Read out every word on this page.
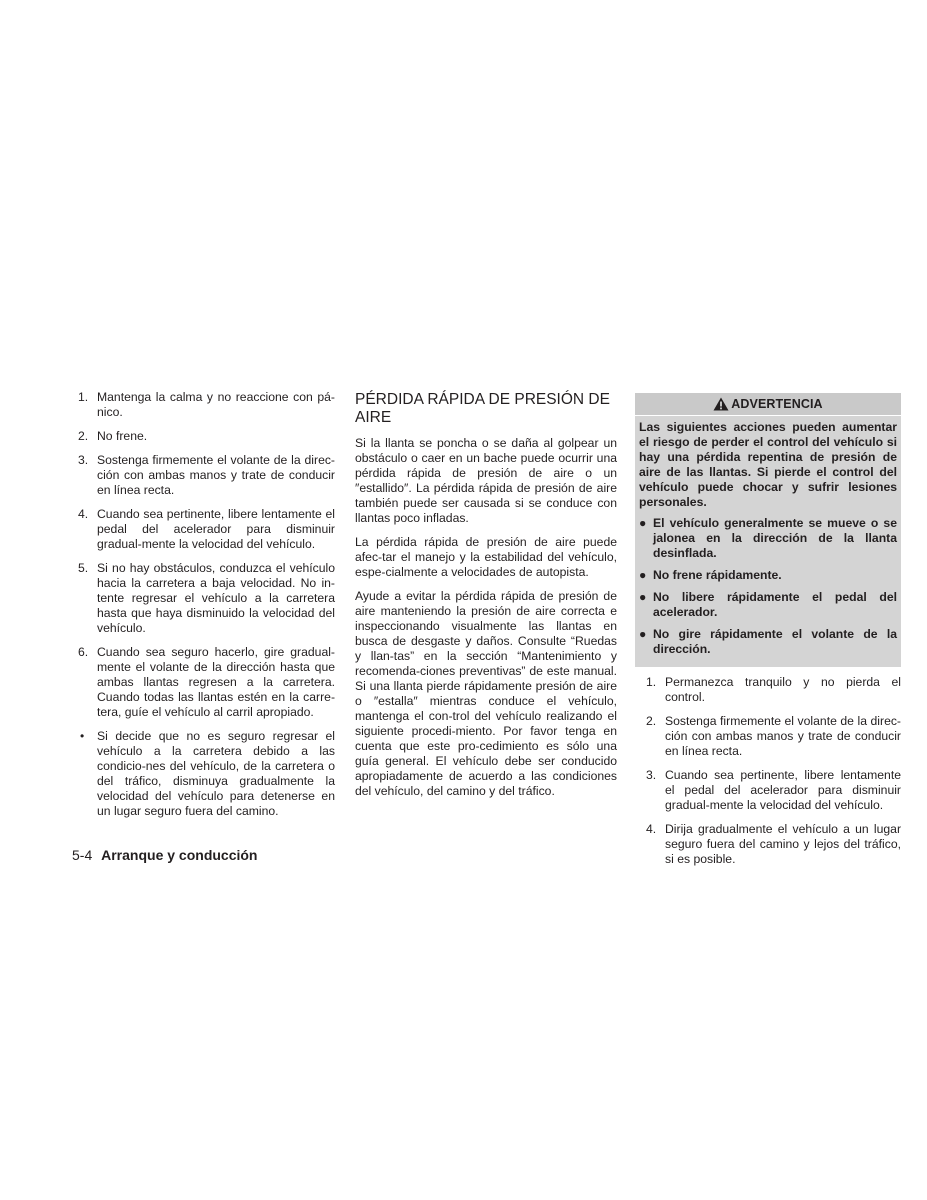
1. Mantenga la calma y no reaccione con pá-nico.
2. No frene.
3. Sostenga firmemente el volante de la direc-ción con ambas manos y trate de conducir en línea recta.
4. Cuando sea pertinente, libere lentamente el pedal del acelerador para disminuir gradual-mente la velocidad del vehículo.
5. Si no hay obstáculos, conduzca el vehículo hacia la carretera a baja velocidad. No in-tente regresar el vehículo a la carretera hasta que haya disminuido la velocidad del vehículo.
6. Cuando sea seguro hacerlo, gire gradual-mente el volante de la dirección hasta que ambas llantas regresen a la carretera. Cuando todas las llantas estén en la carre-tera, guíe el vehículo al carril apropiado.
• Si decide que no es seguro regresar el vehículo a la carretera debido a las condicio-nes del vehículo, de la carretera o del tráfico, disminuya gradualmente la velocidad del vehículo para detenerse en un lugar seguro fuera del camino.
PÉRDIDA RÁPIDA DE PRESIÓN DE AIRE

Si la llanta se poncha o se daña al golpear un obstáculo o caer en un bache puede ocurrir una pérdida rápida de presión de aire o un ″estallido″. La pérdida rápida de presión de aire también puede ser causada si se conduce con llantas poco infladas.

La pérdida rápida de presión de aire puede afec-tar el manejo y la estabilidad del vehículo, espe-cialmente a velocidades de autopista.

Ayude a evitar la pérdida rápida de presión de aire manteniendo la presión de aire correcta e inspeccionando visualmente las llantas en busca de desgaste y daños. Consulte “Ruedas y llan-tas” en la sección “Mantenimiento y recomenda-ciones preventivas” de este manual. Si una llanta pierde rápidamente presión de aire o ″estalla″ mientras conduce el vehículo, mantenga el con-trol del vehículo realizando el siguiente procedi-miento. Por favor tenga en cuenta que este pro-cedimiento es sólo una guía general. El vehículo debe ser conducido apropiadamente de acuerdo a las condiciones del vehículo, del camino y del tráfico.

ADVERTENCIA

Las siguientes acciones pueden aumentar el riesgo de perder el control del vehículo si hay una pérdida repentina de presión de aire de las llantas. Si pierde el control del vehículo puede chocar y sufrir lesiones personales.

● El vehículo generalmente se mueve o se jalonea en la dirección de la llanta desinflada.
● No frene rápidamente.
● No libere rápidamente el pedal del acelerador.
● No gire rápidamente el volante de la dirección.
1. Permanezca tranquilo y no pierda el control.
2. Sostenga firmemente el volante de la direc-ción con ambas manos y trate de conducir en línea recta.
3. Cuando sea pertinente, libere lentamente el pedal del acelerador para disminuir gradual-mente la velocidad del vehículo.
4. Dirija gradualmente el vehículo a un lugar seguro fuera del camino y lejos del tráfico, si es posible.
5-4 Arranque y conducción
